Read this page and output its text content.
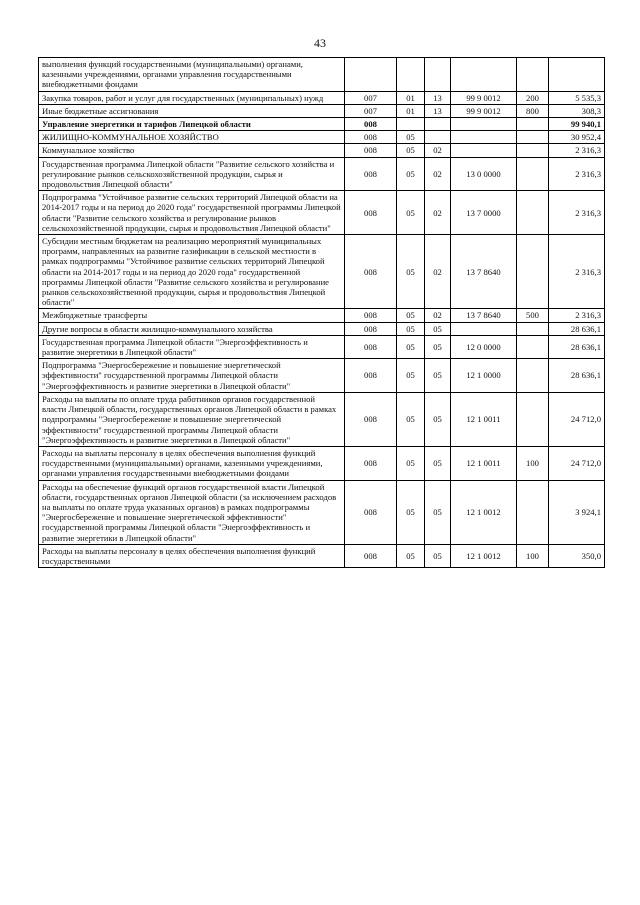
43
выполнения функций государственными (муниципальными) органами, казенными учреждениями, органами управления государственными внебюджетными фондами						
Закупка товаров, работ и услуг для государственных (муниципальных) нужд	007	01	13	99 9 0012	200	5 535,3
Иные бюджетные ассигнования	007	01	13	99 9 0012	800	308,3
Управление энергетики и тарифов Липецкой области	008					99 940,1
ЖИЛИЩНО-КОММУНАЛЬНОЕ ХОЗЯЙСТВО	008	05				30 952,4
Коммунальное хозяйство	008	05	02			2 316,3
Государственная программа Липецкой области "Развитие сельского хозяйства и регулирование рынков сельскохозяйственной продукции, сырья и продовольствия Липецкой области"	008	05	02	13 0 0000		2 316,3
Подпрограмма "Устойчивое развитие сельских территорий Липецкой области на 2014-2017 годы и на период до 2020 года" государственной программы Липецкой области "Развитие сельского хозяйства и регулирование рынков сельскохозяйственной продукции, сырья и продовольствия Липецкой области"	008	05	02	13 7 0000		2 316,3
Субсидии местным бюджетам на реализацию мероприятий муниципальных программ, направленных на развитие газификации в сельской местности в рамках подпрограммы "Устойчивое развитие сельских территорий Липецкой области на 2014-2017 годы и на период до 2020 года" государственной программы Липецкой области "Развитие сельского хозяйства и регулирование рынков сельскохозяйственной продукции, сырья и продовольствия Липецкой области"	008	05	02	13 7 8640		2 316,3
Межбюджетные трансферты	008	05	02	13 7 8640	500	2 316,3
Другие вопросы в области жилищно-коммунального хозяйства	008	05	05			28 636,1
Государственная программа Липецкой области "Энергоэффективность и развитие энергетики в Липецкой области"	008	05	05	12 0 0000		28 636,1
Подпрограмма "Энергосбережение и повышение энергетической эффективности" государственной программы Липецкой области "Энергоэффективность и развитие энергетики в Липецкой области"	008	05	05	12 1 0000		28 636,1
Расходы на выплаты по оплате труда работников органов государственной власти Липецкой области, государственных органов Липецкой области в рамках подпрограммы "Энергосбережение и повышение энергетической эффективности" государственной программы Липецкой области "Энергоэффективность и развитие энергетики в Липецкой области"	008	05	05	12 1 0011		24 712,0
Расходы на выплаты персоналу в целях обеспечения выполнения функций государственными (муниципальными) органами, казенными учреждениями, органами управления государственными внебюджетными фондами	008	05	05	12 1 0011	100	24 712,0
Расходы на обеспечение функций органов государственной власти Липецкой области, государственных органов Липецкой области (за исключением расходов на выплаты по оплате труда указанных органов) в рамках подпрограммы "Энергосбережение и повышение энергетической эффективности" государственной программы Липецкой области "Энергоэффективность и развитие энергетики в Липецкой области"	008	05	05	12 1 0012		3 924,1
Расходы на выплаты персоналу в целях обеспечения выполнения функций государственными	008	05	05	12 1 0012	100	350,0
